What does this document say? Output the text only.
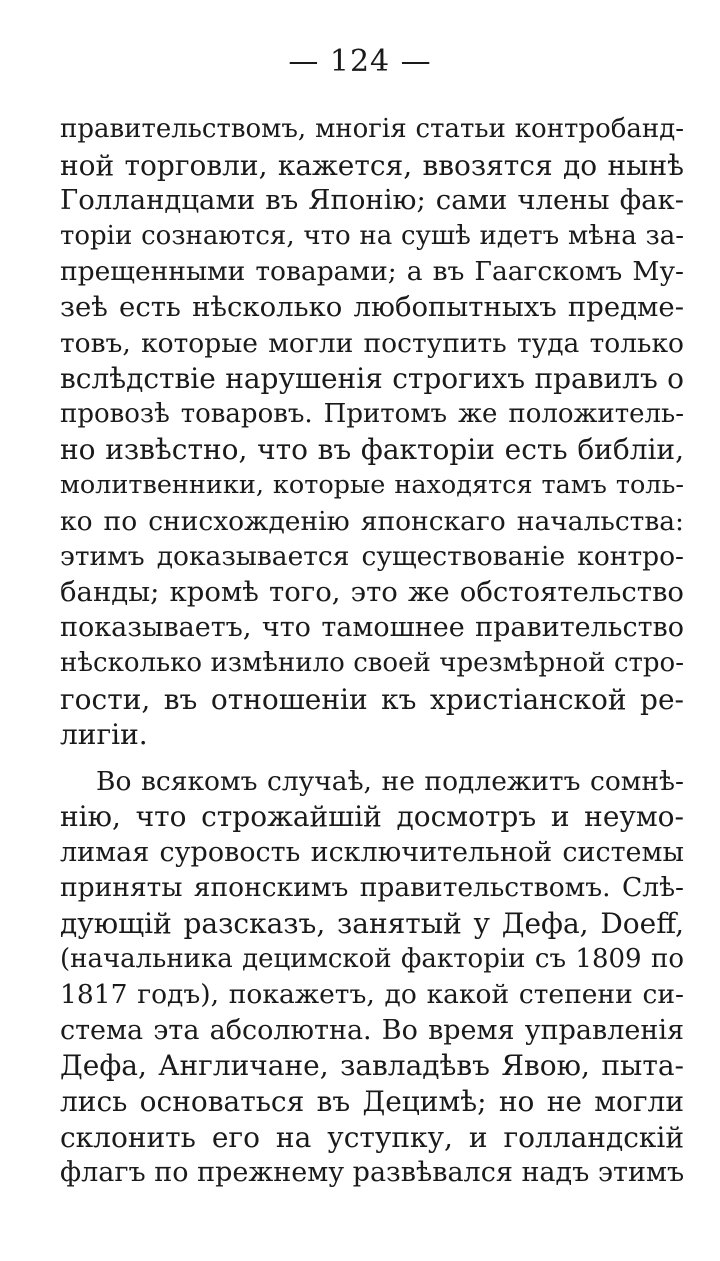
— 124 —
правительствомъ, многія статьи контробанд-
ной торговли, кажется, ввозятся до нынѣ
Голландцами въ Японію; сами члены фак-
торіи сознаются, что на сушѣ идетъ мѣна за-
прещенными товарами; а въ Гаагскомъ Му-
зеѣ есть нѣсколько любопытныхъ предме-
товъ, которые могли поступить туда только
вслѣдствіе нарушенія строгихъ правилъ о
провозѣ товаровъ. Притомъ же положитель-
но извѣстно, что въ факторіи есть библіи,
молитвенники, которые находятся тамъ толь-
ко по снисхожденію японскаго начальства:
этимъ доказывается существованіе контро-
банды; кромѣ того, это же обстоятельство
показываетъ, что тамошнее правительство
нѣсколько измѣнило своей чрезмѣрной стро-
гости, въ отношеніи къ христіанской ре-
лигіи.
Во всякомъ случаѣ, не подлежитъ сомнѣ-
нію, что строжайшій досмотръ и неумо-
лимая суровость исключительной системы
приняты японскимъ правительствомъ. Слѣ-
дующій разсказъ, занятый у Дефа, Doeff,
(начальника децимской факторіи съ 1809 по
1817 годъ), покажетъ, до какой степени си-
стема эта абсолютна. Во время управленія
Дефа, Англичане, завладѣвъ Явою, пыта-
лись основаться въ Децимѣ; но не могли
склонить его на уступку, и голландскій
флагъ по прежнему развѣвался надъ этимъ
